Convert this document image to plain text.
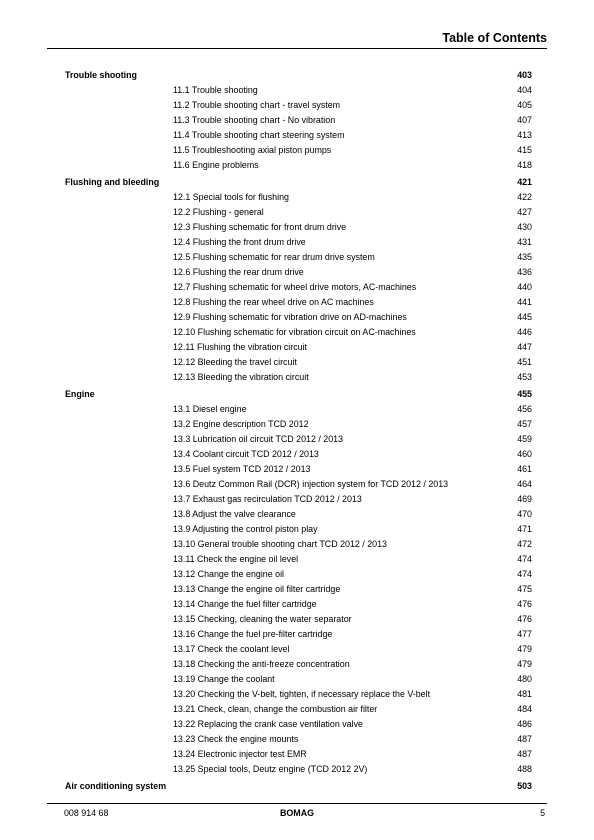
Table of Contents
Trouble shooting	403
11.1 Trouble shooting	404
11.2 Trouble shooting chart - travel system	405
11.3 Trouble shooting chart - No vibration	407
11.4 Trouble shooting chart steering system	413
11.5 Troubleshooting axial piston pumps	415
11.6 Engine problems	418
Flushing and bleeding	421
12.1 Special tools for flushing	422
12.2 Flushing - general	427
12.3 Flushing schematic for front drum drive	430
12.4 Flushing the front drum drive	431
12.5 Flushing schematic for rear drum drive system	435
12.6 Flushing the rear drum drive	436
12.7 Flushing schematic for wheel drive motors, AC-machines	440
12.8 Flushing the rear wheel drive on AC machines	441
12.9 Flushing schematic for vibration drive on AD-machines	445
12.10 Flushing schematic for vibration circuit on AC-machines	446
12.11 Flushing the vibration circuit	447
12.12 Bleeding the travel circuit	451
12.13 Bleeding the vibration circuit	453
Engine	455
13.1 Diesel engine	456
13.2 Engine description TCD 2012	457
13.3 Lubrication oil circuit TCD 2012 / 2013	459
13.4 Coolant circuit TCD 2012 / 2013	460
13.5 Fuel system TCD 2012 / 2013	461
13.6 Deutz Common Rail (DCR) injection system for TCD 2012 / 2013	464
13.7 Exhaust gas recirculation TCD 2012 / 2013	469
13.8 Adjust the valve clearance	470
13.9 Adjusting the control piston play	471
13.10 General trouble shooting chart TCD 2012 / 2013	472
13.11 Check the engine oil level	474
13.12 Change the engine oil	474
13.13 Change the engine oil filter cartridge	475
13.14 Change the fuel filter cartridge	476
13.15 Checking, cleaning the water separator	476
13.16 Change the fuel pre-filter cartridge	477
13.17 Check the coolant level	479
13.18 Checking the anti-freeze concentration	479
13.19 Change the coolant	480
13.20 Checking the V-belt, tighten, if necessary replace the V-belt	481
13.21 Check, clean, change the combustion air filter	484
13.22 Replacing the crank case ventilation valve	486
13.23 Check the engine mounts	487
13.24 Electronic injector test EMR	487
13.25 Special tools, Deutz engine (TCD 2012 2V)	488
Air conditioning system	503
008 914 68	BOMAG	5
